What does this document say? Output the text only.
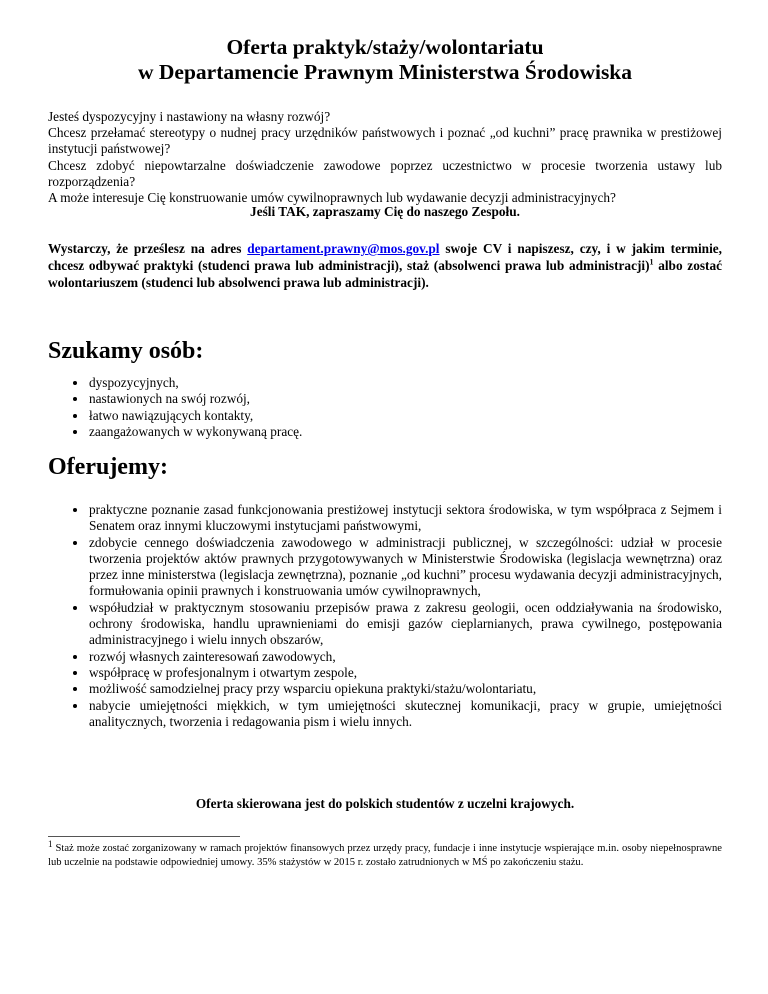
Oferta praktyk/staży/wolontariatu
w Departamencie Prawnym Ministerstwa Środowiska

Jesteś dyspozycyjny i nastawiony na własny rozwój?

Chcesz przełamać stereotypy o nudnej pracy urzędników państwowych i poznać „od kuchni” pracę prawnika w prestiżowej instytucji państwowej?

Chcesz zdobyć niepowtarzalne doświadczenie zawodowe poprzez uczestnictwo w procesie tworzenia ustawy lub rozporządzenia?

A może interesuje Cię konstruowanie umów cywilnoprawnych lub wydawanie decyzji administracyjnych?

Jeśli TAK, zapraszamy Cię do naszego Zespołu.

Wystarczy, że prześlesz na adres departament.prawny@mos.gov.pl swoje CV i napiszesz, czy, i w jakim terminie, chcesz odbywać praktyki (studenci prawa lub administracji), staż (absolwenci prawa lub administracji)$^1$ albo zostać wolontariuszem (studenci lub absolwenci prawa lub administracji).

Szukamy osób:
dyspozycyjnych,
nastawionych na swój rozwój,
łatwo nawiązujących kontakty,
zaangażowanych w wykonywaną pracę.
Oferujemy:
praktyczne poznanie zasad funkcjonowania prestiżowej instytucji sektora środowiska, w tym współpraca z Sejmem i Senatem oraz innymi kluczowymi instytucjami państwowymi,
zdobycie cennego doświadczenia zawodowego w administracji publicznej, w szczególności: udział w procesie tworzenia projektów aktów prawnych przygotowywanych w Ministerstwie Środowiska (legislacja wewnętrzna) oraz przez inne ministerstwa (legislacja zewnętrzna), poznanie „od kuchni” procesu wydawania decyzji administracyjnych, formułowania opinii prawnych i konstruowania umów cywilnoprawnych,
współudział w praktycznym stosowaniu przepisów prawa z zakresu geologii, ocen oddziaływania na środowisko, ochrony środowiska, handlu uprawnieniami do emisji gazów cieplarnianych, prawa cywilnego, postępowania administracyjnego i wielu innych obszarów,
rozwój własnych zainteresowań zawodowych,
współpracę w profesjonalnym i otwartym zespole,
możliwość samodzielnej pracy przy wsparciu opiekuna praktyki/stażu/wolontariatu,
nabycie umiejętności miękkich, w tym umiejętności skutecznej komunikacji, pracy w grupie, umiejętności analitycznych, tworzenia i redagowania pism i wielu innych.
Oferta skierowana jest do polskich studentów z uczelni krajowych.

$^1$ Staż może zostać zorganizowany w ramach projektów finansowych przez urzędy pracy, fundacje i inne instytucje wspierające m.in. osoby niepełnosprawne lub uczelnie na podstawie odpowiedniej umowy. 35% stażystów w 2015 r. zostało zatrudnionych w MŚ po zakończeniu stażu.
